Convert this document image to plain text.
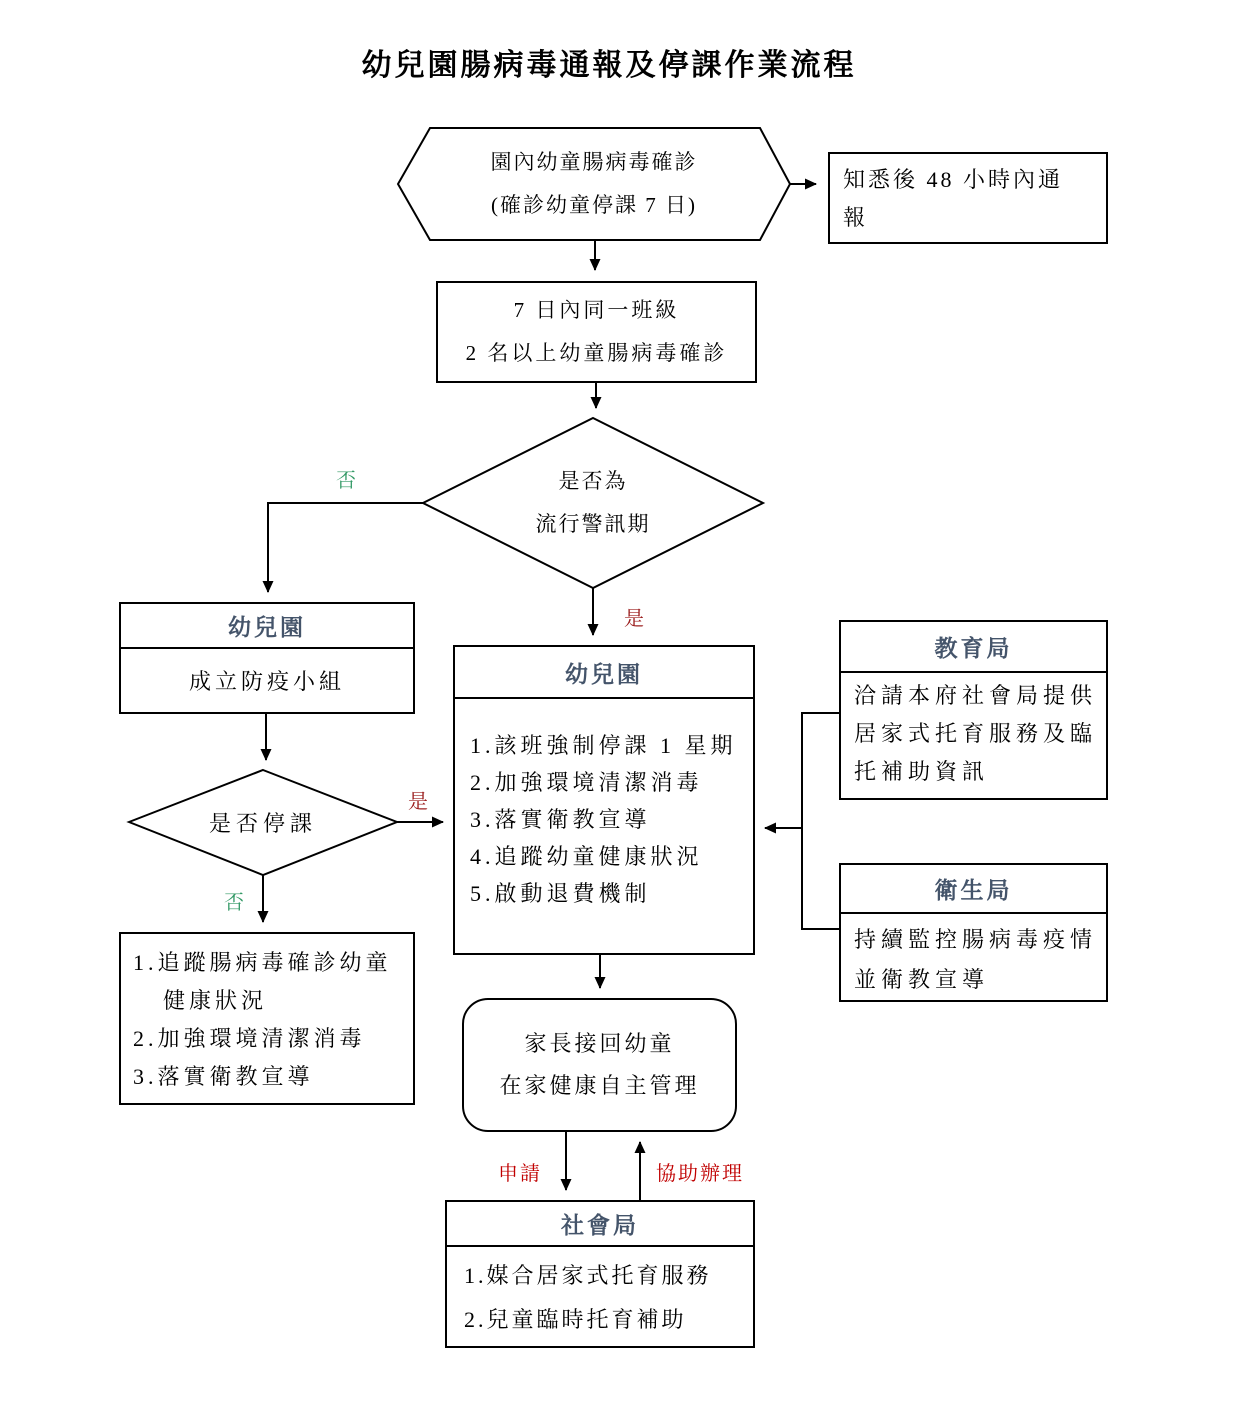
幼兒園腸病毒通報及停課作業流程
園內幼童腸病毒確診
(確診幼童停課 7 日)
知悉後 48 小時內通
報
7 日內同一班級
2 名以上幼童腸病毒確診
是否為
流行警訊期
幼兒園
成立防疫小組
是否停課
1.追蹤腸病毒確診幼童
健康狀況
2.加強環境清潔消毒
3.落實衛教宣導
幼兒園
1.該班強制停課 1 星期
2.加強環境清潔消毒
3.落實衛教宣導
4.追蹤幼童健康狀況
5.啟動退費機制
教育局
洽請本府社會局提供
居家式托育服務及臨
托補助資訊
衛生局
持續監控腸病毒疫情
並衛教宣導
家長接回幼童
在家健康自主管理
社會局
1.媒合居家式托育服務
2.兒童臨時托育補助
否
是
是
否
申請	協助辦理
